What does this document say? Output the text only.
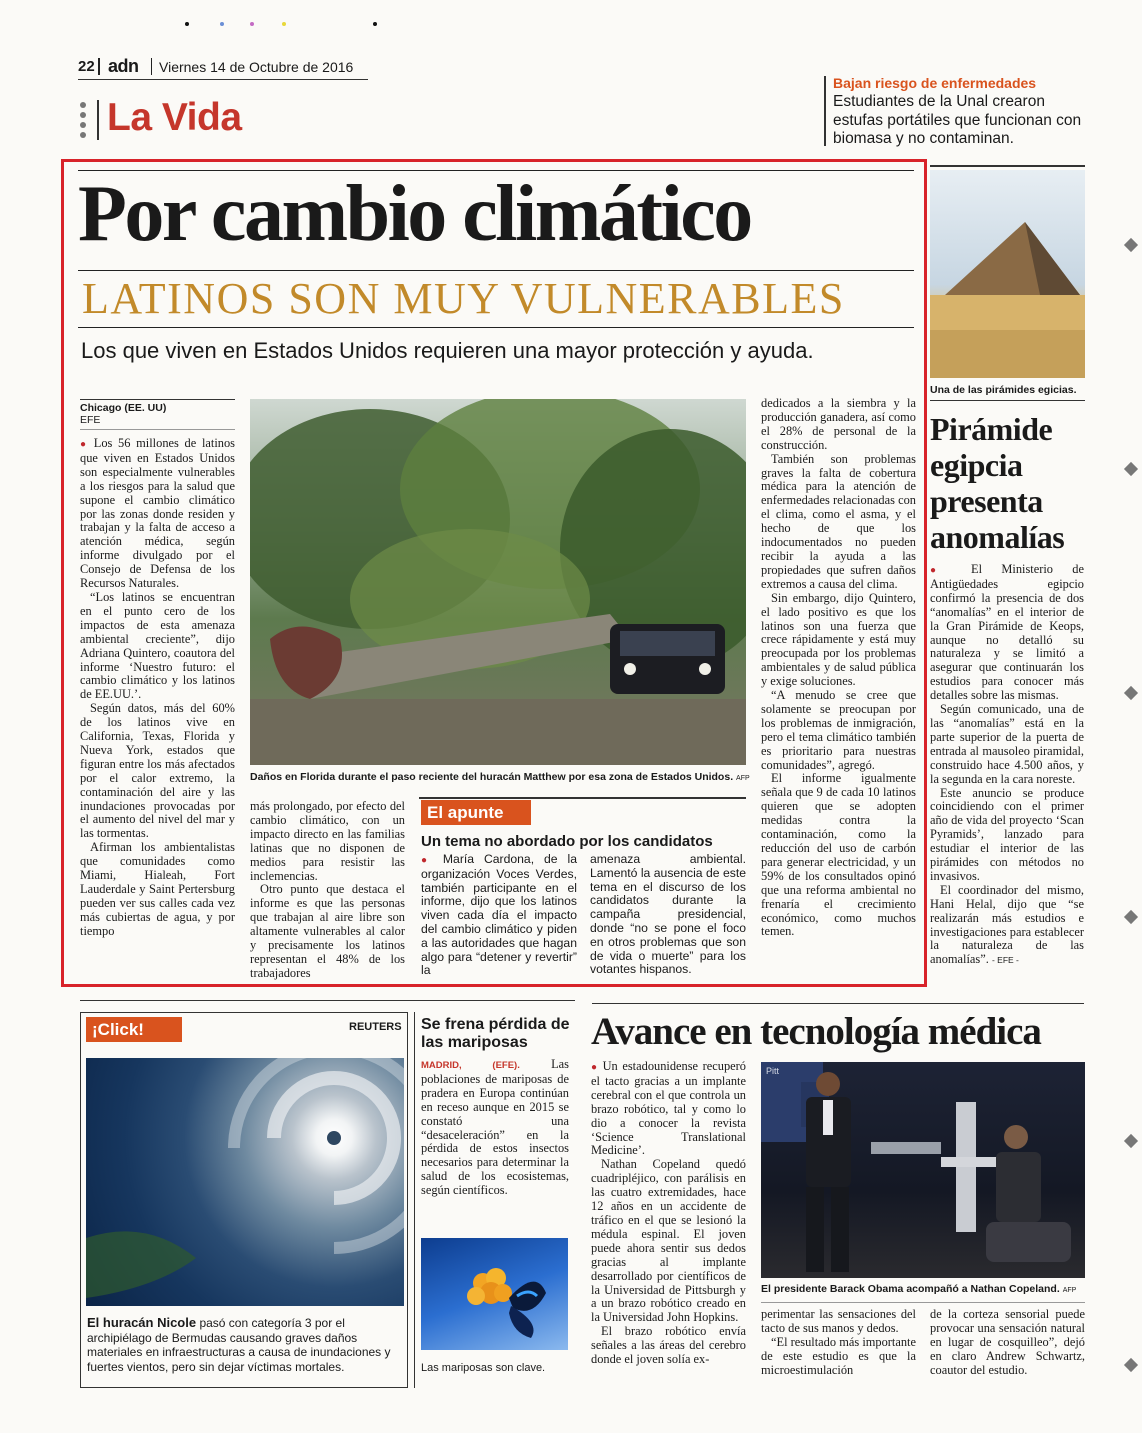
22 adn Viernes 14 de Octubre de 2016
La Vida
Bajan riesgo de enfermedades
Estudiantes de la Unal crearon estufas portátiles que funcionan con biomasa y no contaminan.
Por cambio climático
LATINOS SON MUY VULNERABLES
Los que viven en Estados Unidos requieren una mayor protección y ayuda.
Chicago (EE. UU)
EFE

● Los 56 millones de latinos que viven en Estados Unidos son especialmente vulnerables a los riesgos para la salud que supone el cambio climático por las zonas donde residen y trabajan y la falta de acceso a atención médica, según informe divulgado por el Consejo de Defensa de los Recursos Naturales.

“Los latinos se encuentran en el punto cero de los impactos de esta amenaza ambiental creciente”, dijo Adriana Quintero, coautora del informe ‘Nuestro futuro: el cambio climático y los latinos de EE.UU.’.

Según datos, más del 60% de los latinos vive en California, Texas, Florida y Nueva York, estados que figuran entre los más afectados por el calor extremo, la contaminación del aire y las inundaciones provocadas por el aumento del nivel del mar y las tormentas.

Afirman los ambientalistas que comunidades como Miami, Hialeah, Fort Lauderdale y Saint Pertersburg pueden ver sus calles cada vez más cubiertas de agua, y por tiempo

Daños en Florida durante el paso reciente del huracán Matthew por esa zona de Estados Unidos. AFP

más prolongado, por efecto del cambio climático, con un impacto directo en las familias latinas que no disponen de medios para resistir las inclemencias.

Otro punto que destaca el informe es que las personas que trabajan al aire libre son altamente vulnerables al calor y precisamente los latinos representan el 48% de los trabajadores

El apunte
Un tema no abordado por los candidatos
● María Cardona, de la organización Voces Verdes, también participante en el informe, dijo que los latinos viven cada día el impacto del cambio climático y piden a las autoridades que hagan algo para “detener y revertir” la
amenaza ambiental. Lamentó la ausencia de este tema en el discurso de los candidatos durante la campaña presidencial, donde “no se pone el foco en otros problemas que son de vida o muerte” para los votantes hispanos.

dedicados a la siembra y la producción ganadera, así como el 28% de personal de la construcción.

También son problemas graves la falta de cobertura médica para la atención de enfermedades relacionadas con el clima, como el asma, y el hecho de que los indocumentados no pueden recibir la ayuda a las propiedades que sufren daños extremos a causa del clima.

Sin embargo, dijo Quintero, el lado positivo es que los latinos son una fuerza que crece rápidamente y está muy preocupada por los problemas ambientales y de salud pública y exige soluciones.

“A menudo se cree que solamente se preocupan por los problemas de inmigración, pero el tema climático también es prioritario para nuestras comunidades”, agregó.

El informe igualmente señala que 9 de cada 10 latinos quieren que se adopten medidas contra la contaminación, como la reducción del uso de carbón para generar electricidad, y un 59% de los consultados opinó que una reforma ambiental no frenaría el crecimiento económico, como muchos temen.

Una de las pirámides egicias.
Pirámide egipcia presenta anomalías

● El Ministerio de Antigüedades egipcio confirmó la presencia de dos “anomalías” en el interior de la Gran Pirámide de Keops, aunque no detalló su naturaleza y se limitó a asegurar que continuarán los estudios para conocer más detalles sobre las mismas.

Según comunicado, una de las “anomalías” está en la parte superior de la puerta de entrada al mausoleo piramidal, construido hace 4.500 años, y la segunda en la cara noreste.

Este anuncio se produce coincidiendo con el primer año de vida del proyecto ‘Scan Pyramids’, lanzado para estudiar el interior de las pirámides con métodos no invasivos.

El coordinador del mismo, Hani Helal, dijo que “se realizarán más estudios e investigaciones para establecer la naturaleza de las anomalías”. - EFE -

¡Click!	REUTERS
El huracán Nicole pasó con categoría 3 por el archipiélago de Bermudas causando graves daños materiales en infraestructuras a causa de inundaciones y fuertes vientos, pero sin dejar víctimas mortales.
Se frena pérdida de las mariposas
MADRID, (EFE).	Las poblaciones de mariposas de pradera en Europa continúan en receso aunque en 2015 se constató una “desaceleración” en la pérdida de estos insectos necesarios para determinar la salud de los ecosistemas, según científicos.
Las mariposas son clave.
Avance en tecnología médica

● Un estadounidense recuperó el tacto gracias a un implante cerebral con el que controla un brazo robótico, tal y como lo dio a conocer la revista ‘Science Translational Medicine’.

Nathan Copeland quedó cuadripléjico, con parálisis en las cuatro extremidades, hace 12 años en un accidente de tráfico en el que se lesionó la médula espinal. El joven puede ahora sentir sus dedos gracias al implante desarrollado por científicos de la Universidad de Pittsburgh y a un brazo robótico creado en la Universidad John Hopkins.

El brazo robótico envía señales a las áreas del cerebro donde el joven solía ex-

Pitt
El presidente Barack Obama acompañó a Nathan Copeland. AFP

perimentar las sensaciones del tacto de sus manos y dedos.

“El resultado más importante de este estudio es que la microestimulación

de la corteza sensorial puede provocar una sensación natural en lugar de cosquilleo”, dejó en claro Andrew Schwartz, coautor del estudio.
